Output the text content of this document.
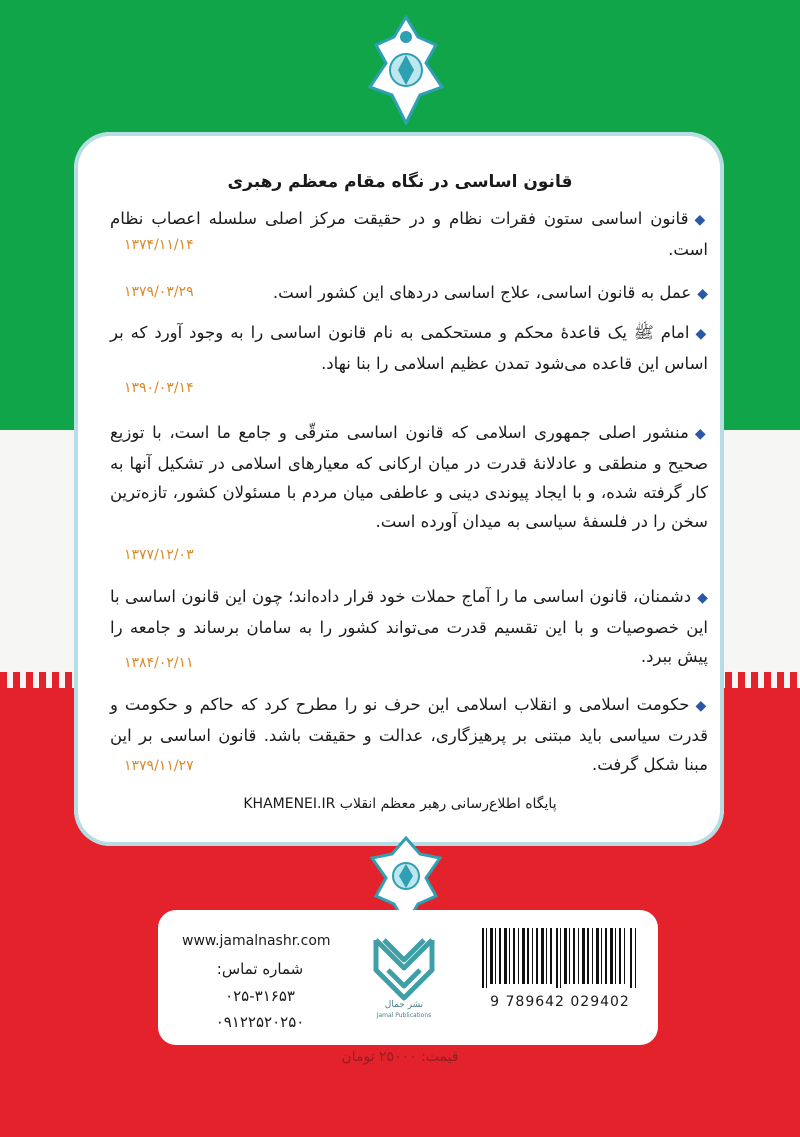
قانون اساسی در نگاه مقام معظم رهبری
◆قانون اساسی ستون فقرات نظام و در حقیقت مرکز اصلی سلسله اعصاب نظام است.
۱۳۷۴/۱۱/۱۴
◆عمل به قانون اساسی، علاج اساسی دردهای این کشور است.
۱۳۷۹/۰۳/۲۹
◆امام ﷺ یک قاعدهٔ محکم و مستحکمی به نام قانون اساسی را به وجود آورد که بر اساس این قاعده می‌شود تمدن عظیم اسلامی را بنا نهاد.
۱۳۹۰/۰۳/۱۴
◆منشور اصلی جمهوری اسلامی که قانون اساسی مترقّی و جامع ما است، با توزیع صحیح و منطقی و عادلانهٔ قدرت در میان ارکانی که معیارهای اسلامی در تشکیل آنها به کار گرفته شده، و با ایجاد پیوندی دینی و عاطفی میان مردم با مسئولان کشور، تازه‌ترین سخن را در فلسفهٔ سیاسی به میدان آورده است.
۱۳۷۷/۱۲/۰۳
◆دشمنان، قانون اساسی ما را آماج حملات خود قرار داده‌اند؛ چون این قانون اساسی با این خصوصیات و با این تقسیم قدرت می‌تواند کشور را به سامان برساند و جامعه را پیش ببرد.
۱۳۸۴/۰۲/۱۱
◆حکومت اسلامی و انقلاب اسلامی این حرف نو را مطرح کرد که حاکم و حکومت و قدرت سیاسی باید مبتنی بر پرهیزگاری، عدالت و حقیقت باشد. قانون اساسی بر این مبنا شکل گرفت.
۱۳۷۹/۱۱/۲۷
پایگاه اطلاع‌رسانی رهبر معظم انقلاب KHAMENEI.IR
www.jamalnashr.com
شماره تماس:
۰۲۵-۳۱۶۵۳
۰۹۱۲۲۵۲۰۲۵۰
نشر جمال
Jamal Publications
9 789642 029402
قیمت: ۲۵۰۰۰ تومان
